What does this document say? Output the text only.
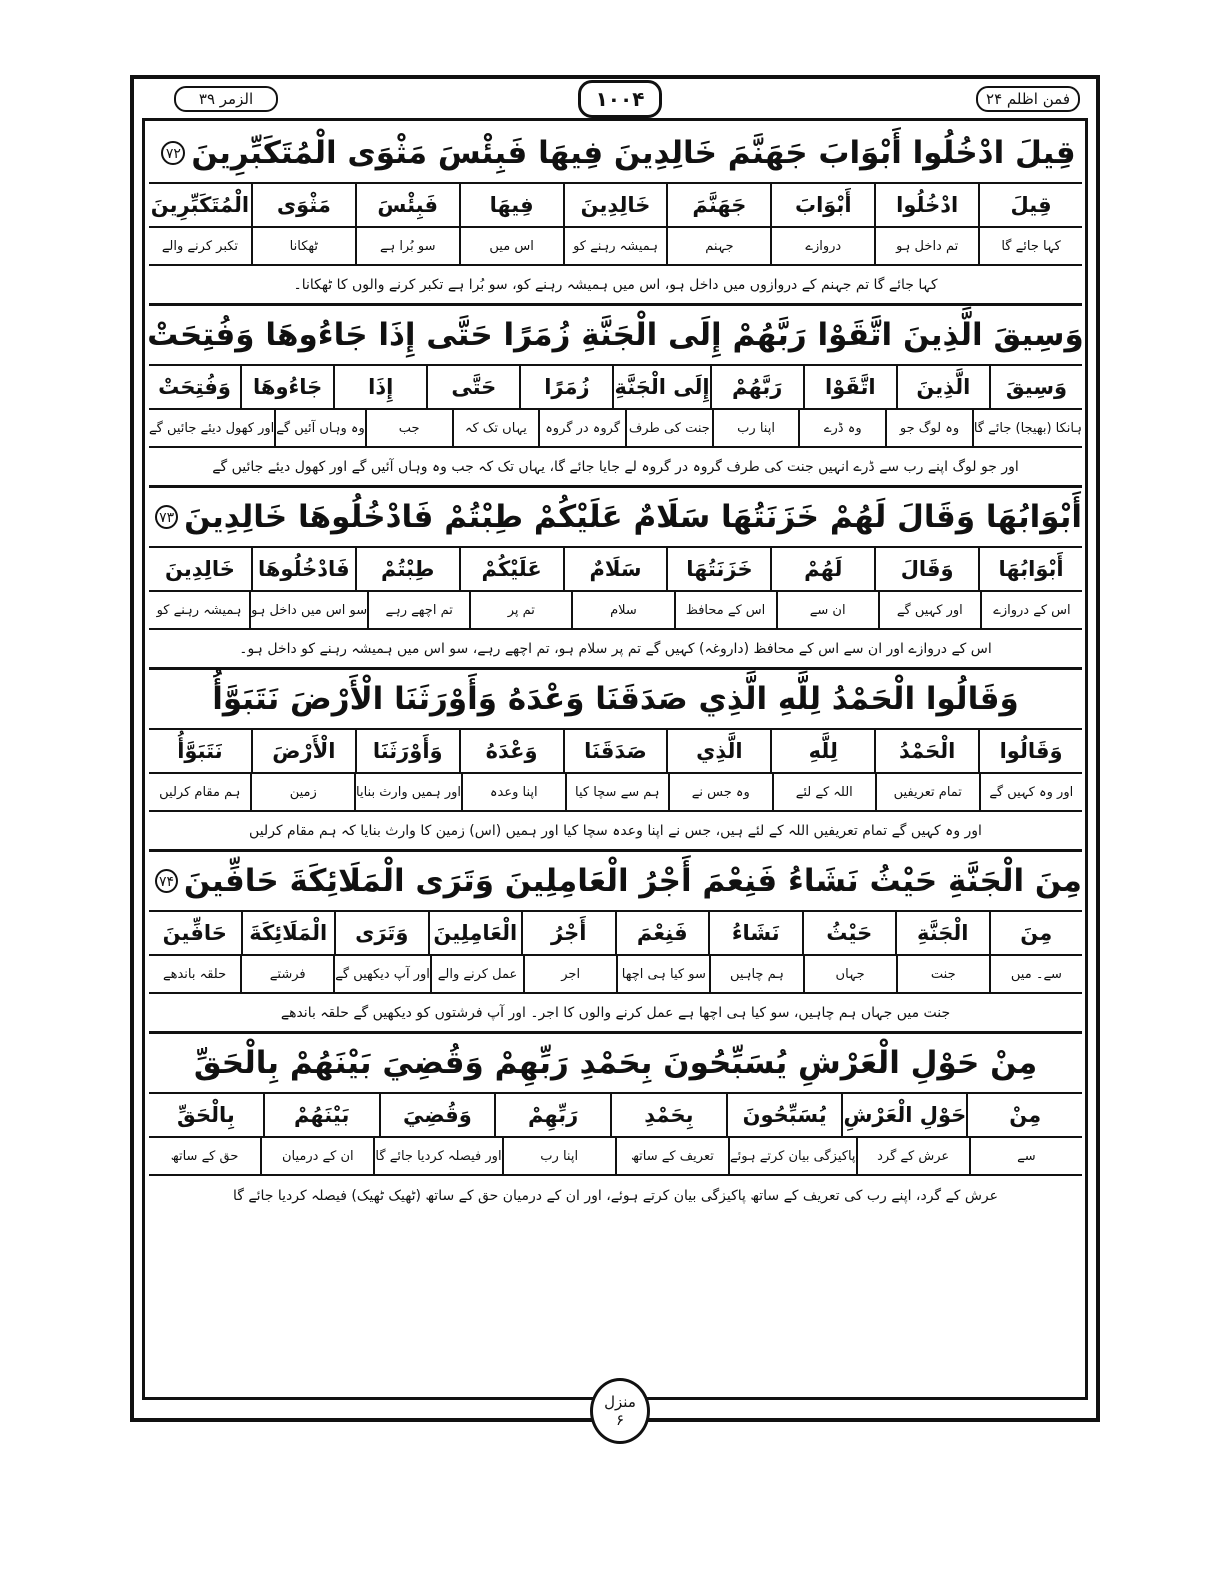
الزمر ۳۹	۱۰۰۴	فمن اظلم ۲۴
قِيلَ ادْخُلُوا أَبْوَابَ جَهَنَّمَ خَالِدِينَ فِيهَا فَبِئْسَ مَثْوَى الْمُتَكَبِّرِينَ
۷۲
قِيلَ
ادْخُلُوا
أَبْوَابَ
جَهَنَّمَ
خَالِدِينَ
فِيهَا
فَبِئْسَ
مَثْوَى
الْمُتَكَبِّرِينَ
کہا جائے گا
تم داخل ہو
دروازے
جہنم
ہمیشہ رہنے کو
اس میں
سو بُرا ہے
ٹھکانا
تکبر کرنے والے
کہا جائے گا تم جہنم کے دروازوں میں داخل ہو، اس میں ہمیشہ رہنے کو، سو بُرا ہے تکبر کرنے والوں کا ٹھکانا۔
وَسِيقَ الَّذِينَ اتَّقَوْا رَبَّهُمْ إِلَى الْجَنَّةِ زُمَرًا حَتَّى إِذَا جَاءُوهَا وَفُتِحَتْ
وَسِيقَ
الَّذِينَ
اتَّقَوْا
رَبَّهُمْ
إِلَى الْجَنَّةِ
زُمَرًا
حَتَّى
إِذَا
جَاءُوهَا
وَفُتِحَتْ
ہانکا (بھیجا) جائے گا
وہ لوگ جو
وہ ڈرے
اپنا رب
جنت کی طرف
گروہ در گروہ
یہاں تک کہ
جب
وہ وہاں آئیں گے
اور کھول دیئے جائیں گے
اور جو لوگ اپنے رب سے ڈرے انہیں جنت کی طرف گروہ در گروہ لے جایا جائے گا، یہاں تک کہ جب وہ وہاں آئیں گے اور کھول دیئے جائیں گے
أَبْوَابُهَا وَقَالَ لَهُمْ خَزَنَتُهَا سَلَامٌ عَلَيْكُمْ طِبْتُمْ فَادْخُلُوهَا خَالِدِينَ
۷۳
أَبْوَابُهَا
وَقَالَ
لَهُمْ
خَزَنَتُهَا
سَلَامٌ
عَلَيْكُمْ
طِبْتُمْ
فَادْخُلُوهَا
خَالِدِينَ
اس کے دروازے
اور کہیں گے
ان سے
اس کے محافظ
سلام
تم پر
تم اچھے رہے
سو اس میں داخل ہو
ہمیشہ رہنے کو
اس کے دروازے اور ان سے اس کے محافظ (داروغہ) کہیں گے تم پر سلام ہو، تم اچھے رہے، سو اس میں ہمیشہ رہنے کو داخل ہو۔
وَقَالُوا الْحَمْدُ لِلَّهِ الَّذِي صَدَقَنَا وَعْدَهُ وَأَوْرَثَنَا الْأَرْضَ نَتَبَوَّأُ
وَقَالُوا
الْحَمْدُ
لِلَّهِ
الَّذِي
صَدَقَنَا
وَعْدَهُ
وَأَوْرَثَنَا
الْأَرْضَ
نَتَبَوَّأُ
اور وہ کہیں گے
تمام تعریفیں
اللہ کے لئے
وہ جس نے
ہم سے سچا کیا
اپنا وعدہ
اور ہمیں وارث بنایا
زمین
ہم مقام کرلیں
اور وہ کہیں گے تمام تعریفیں اللہ کے لئے ہیں، جس نے اپنا وعدہ سچا کیا اور ہمیں (اس) زمین کا وارث بنایا کہ ہم مقام کرلیں
مِنَ الْجَنَّةِ حَيْثُ نَشَاءُ فَنِعْمَ أَجْرُ الْعَامِلِينَ وَتَرَى الْمَلَائِكَةَ حَافِّينَ
۷۴
مِنَ
الْجَنَّةِ
حَيْثُ
نَشَاءُ
فَنِعْمَ
أَجْرُ
الْعَامِلِينَ
وَتَرَى
الْمَلَائِكَةَ
حَافِّينَ
سے۔ میں
جنت
جہاں
ہم چاہیں
سو کیا ہی اچھا
اجر
عمل کرنے والے
اور آپ دیکھیں گے
فرشتے
حلقہ باندھے
جنت میں جہاں ہم چاہیں، سو کیا ہی اچھا ہے عمل کرنے والوں کا اجر۔ اور آپ فرشتوں کو دیکھیں گے حلقہ باندھے
مِنْ حَوْلِ الْعَرْشِ يُسَبِّحُونَ بِحَمْدِ رَبِّهِمْ وَقُضِيَ بَيْنَهُمْ بِالْحَقِّ
مِنْ
حَوْلِ الْعَرْشِ
يُسَبِّحُونَ
بِحَمْدِ
رَبِّهِمْ
وَقُضِيَ
بَيْنَهُمْ
بِالْحَقِّ
سے
عرش کے گرد
پاکیزگی بیان کرتے ہوئے
تعریف کے ساتھ
اپنا رب
اور فیصلہ کردیا جائے گا
ان کے درمیان
حق کے ساتھ
عرش کے گرد، اپنے رب کی تعریف کے ساتھ پاکیزگی بیان کرتے ہوئے، اور ان کے درمیان حق کے ساتھ (ٹھیک ٹھیک) فیصلہ کردیا جائے گا
منزل
۶
